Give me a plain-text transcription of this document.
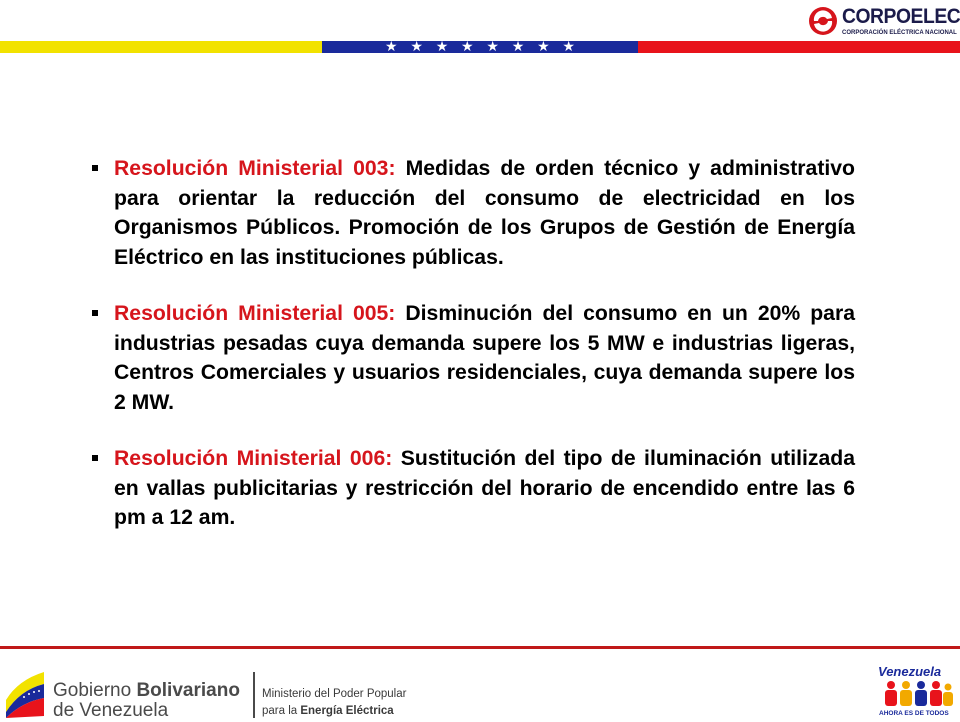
CORPOELEC
CORPORACIÓN ELÉCTRICA NACIONAL
★ ★ ★ ★ ★ ★ ★ ★

Resolución Ministerial 003: Medidas de orden técnico y administrativo para orientar la reducción del consumo de electricidad en los Organismos Públicos. Promoción de los Grupos de Gestión de Energía Eléctrico en las instituciones públicas.

Resolución Ministerial 005: Disminución del consumo en un 20% para industrias pesadas cuya demanda supere los 5 MW e industrias ligeras, Centros Comerciales y usuarios residenciales, cuya demanda supere los 2 MW.

Resolución Ministerial 006: Sustitución del tipo de iluminación utilizada en vallas publicitarias y restricción del horario de encendido entre las 6 pm a 12 am.

Gobierno Bolivariano
de Venezuela
Ministerio del Poder Popular
para la Energía Eléctrica
Venezuela
AHORA ES DE TODOS
